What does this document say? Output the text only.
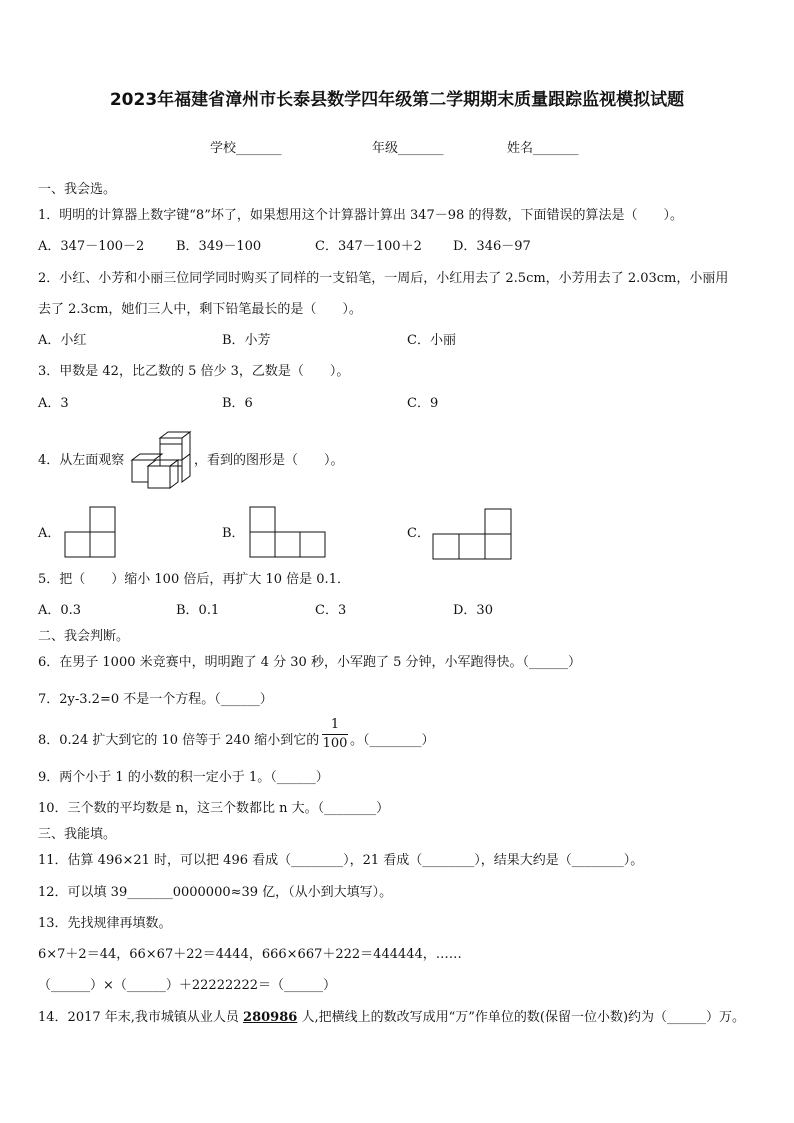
2023年福建省漳州市长泰县数学四年级第二学期期末质量跟踪监视模拟试题
学校_______	年级_______	姓名_______
一、我会选。
1．明明的计算器上数字键“8”坏了，如果想用这个计算器计算出 347－98 的得数，下面错误的算法是（　　）。
A．347－100－2 B．349－100	C．347－100＋2 D．346－97
2．小红、小芳和小丽三位同学同时购买了同样的一支铅笔，一周后，小红用去了 2.5cm，小芳用去了 2.03cm，小丽用
去了 2.3cm，她们三人中，剩下铅笔最长的是（　　）。
A．小红	B．小芳	C．小丽
3．甲数是 42，比乙数的 5 倍少 3，乙数是（　　）。
A．3	B．6	C．9
4．从左面观察	，看到的图形是（　　）。
A．	B．	C．
5．把（　　）缩小 100 倍后，再扩大 10 倍是 0.1．
A．0.3	B．0.1	C．3	D．30
二、我会判断。
6．在男子 1000 米竞赛中，明明跑了 4 分 30 秒，小军跑了 5 分钟，小军跑得快。（______）
7．2y-3.2=0 不是一个方程。（______）
8．0.24 扩大到它的 10 倍等于 240 缩小到它的
1
100 。（________）
9．两个小于 1 的小数的积一定小于 1。（______）
10．三个数的平均数是 n，这三个数都比 n 大。（________）
三、我能填。
11．估算 496×21 时，可以把 496 看成（________），21 看成（________），结果大约是（________）。
12．可以填 39_______0000000≈39 亿，（从小到大填写）。
13．先找规律再填数。
6×7＋2＝44，66×67＋22＝4444，666×667＋222＝444444，……
（______）×（______）＋22222222＝（______）
14．2017 年末,我市城镇从业人员 280986 人,把横线上的数改写成用“万”作单位的数(保留一位小数)约为（______）万。
